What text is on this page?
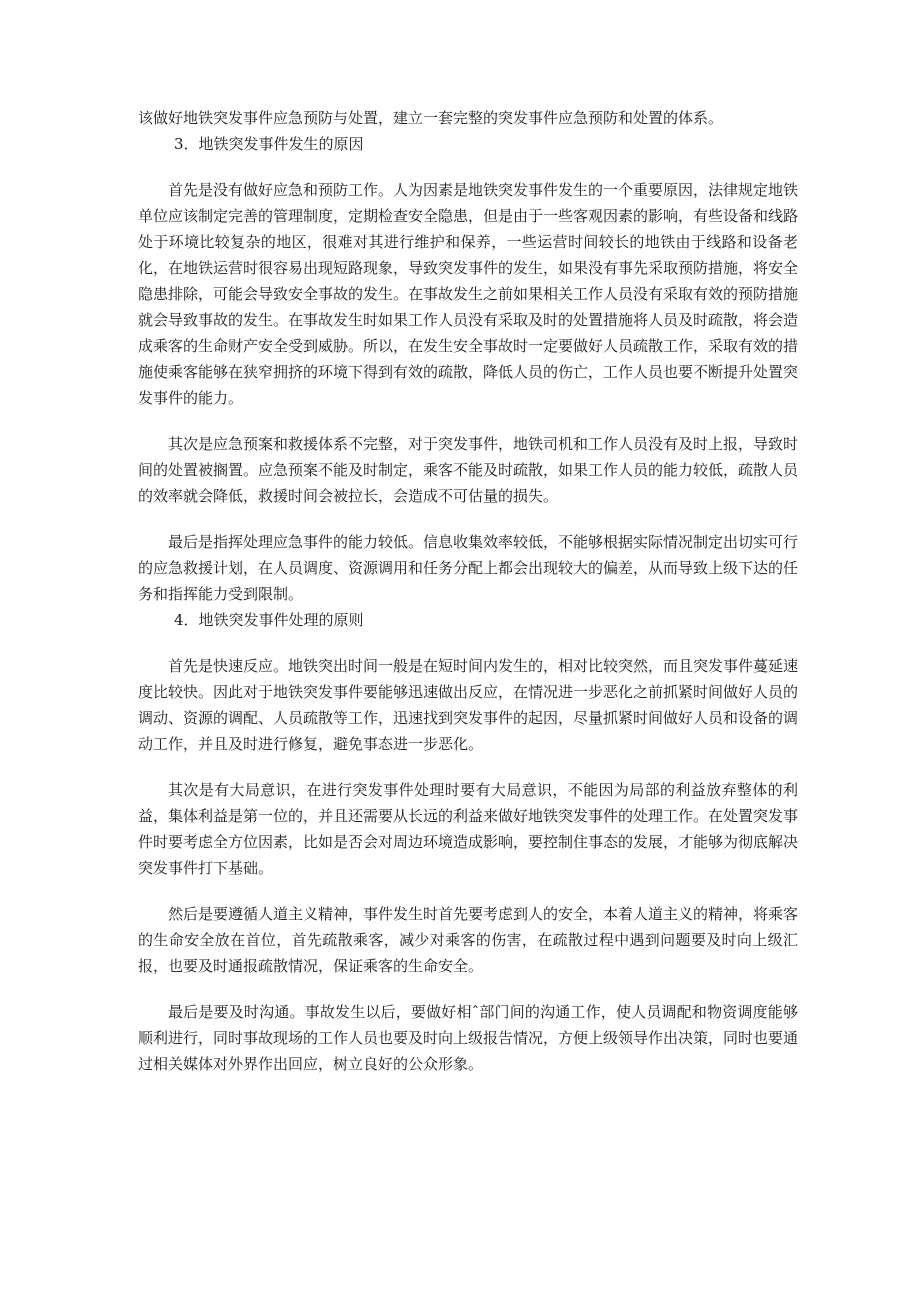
该做好地铁突发事件应急预防与处置，建立一套完整的突发事件应急预防和处置的体系。

3．地铁突发事件发生的原因

首先是没有做好应急和预防工作。人为因素是地铁突发事件发生的一个重要原因，法律规定地铁单位应该制定完善的管理制度，定期检查安全隐患，但是由于一些客观因素的影响，有些设备和线路处于环境比较复杂的地区，很难对其进行维护和保养，一些运营时间较长的地铁由于线路和设备老化，在地铁运营时很容易出现短路现象，导致突发事件的发生，如果没有事先采取预防措施，将安全隐患排除，可能会导致安全事故的发生。在事故发生之前如果相关工作人员没有采取有效的预防措施就会导致事故的发生。在事故发生时如果工作人员没有采取及时的处置措施将人员及时疏散，将会造成乘客的生命财产安全受到威胁。所以，在发生安全事故时一定要做好人员疏散工作，采取有效的措施使乘客能够在狭窄拥挤的环境下得到有效的疏散，降低人员的伤亡，工作人员也要不断提升处置突发事件的能力。

其次是应急预案和救援体系不完整，对于突发事件，地铁司机和工作人员没有及时上报，导致时间的处置被搁置。应急预案不能及时制定，乘客不能及时疏散，如果工作人员的能力较低，疏散人员的效率就会降低，救援时间会被拉长，会造成不可估量的损失。

最后是指挥处理应急事件的能力较低。信息收集效率较低，不能够根据实际情况制定出切实可行的应急救援计划，在人员调度、资源调用和任务分配上都会出现较大的偏差，从而导致上级下达的任务和指挥能力受到限制。

4．地铁突发事件处理的原则

首先是快速反应。地铁突出时间一般是在短时间内发生的，相对比较突然，而且突发事件蔓延速度比较快。因此对于地铁突发事件要能够迅速做出反应，在情况进一步恶化之前抓紧时间做好人员的调动、资源的调配、人员疏散等工作，迅速找到突发事件的起因，尽量抓紧时间做好人员和设备的调动工作，并且及时进行修复，避免事态进一步恶化。

其次是有大局意识，在进行突发事件处理时要有大局意识，不能因为局部的利益放弃整体的利益，集体利益是第一位的，并且还需要从长远的利益来做好地铁突发事件的处理工作。在处置突发事件时要考虑全方位因素，比如是否会对周边环境造成影响，要控制住事态的发展，才能够为彻底解决突发事件打下基础。

然后是要遵循人道主义精神，事件发生时首先要考虑到人的安全，本着人道主义的精神，将乘客的生命安全放在首位，首先疏散乘客，减少对乘客的伤害，在疏散过程中遇到问题要及时向上级汇报，也要及时通报疏散情况，保证乘客的生命安全。

最后是要及时沟通。事故发生以后，要做好相ˆ部门间的沟通工作，使人员调配和物资调度能够顺利进行，同时事故现场的工作人员也要及时向上级报告情况，方便上级领导作出决策，同时也要通过相关媒体对外界作出回应，树立良好的公众形象。
